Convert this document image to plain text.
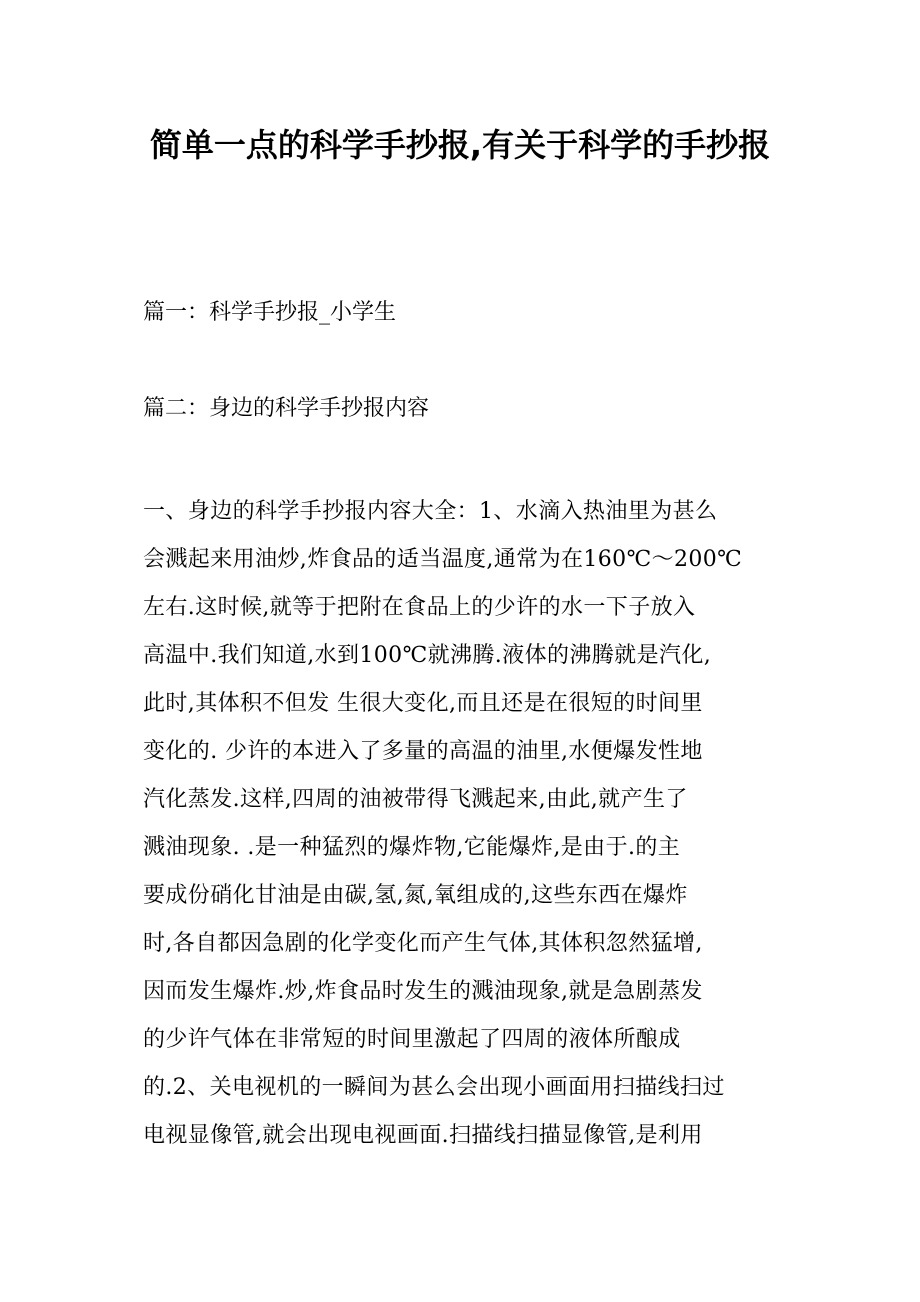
简单一点的科学手抄报,有关于科学的手抄报

篇一：科学手抄报_小学生

篇二：身边的科学手抄报内容

一、身边的科学手抄报内容大全：1、水滴入热油里为甚么
会溅起来用油炒,炸食品的适当温度,通常为在160℃～200℃
左右.这时候,就等于把附在食品上的少许的水一下子放入
高温中.我们知道,水到100℃就沸腾.液体的沸腾就是汽化,
此时,其体积不但发 生很大变化,而且还是在很短的时间里
变化的. 少许的本进入了多量的高温的油里,水便爆发性地
汽化蒸发.这样,四周的油被带得飞溅起来,由此,就产生了
溅油现象. .是一种猛烈的爆炸物,它能爆炸,是由于.的主
要成份硝化甘油是由碳,氢,氮,氧组成的,这些东西在爆炸
时,各自都因急剧的化学变化而产生气体,其体积忽然猛增,
因而发生爆炸.炒,炸食品时发生的溅油现象,就是急剧蒸发
的少许气体在非常短的时间里激起了四周的液体所酿成
的.2、关电视机的一瞬间为甚么会出现小画面用扫描线扫过
电视显像管,就会出现电视画面.扫描线扫描显像管,是利用
